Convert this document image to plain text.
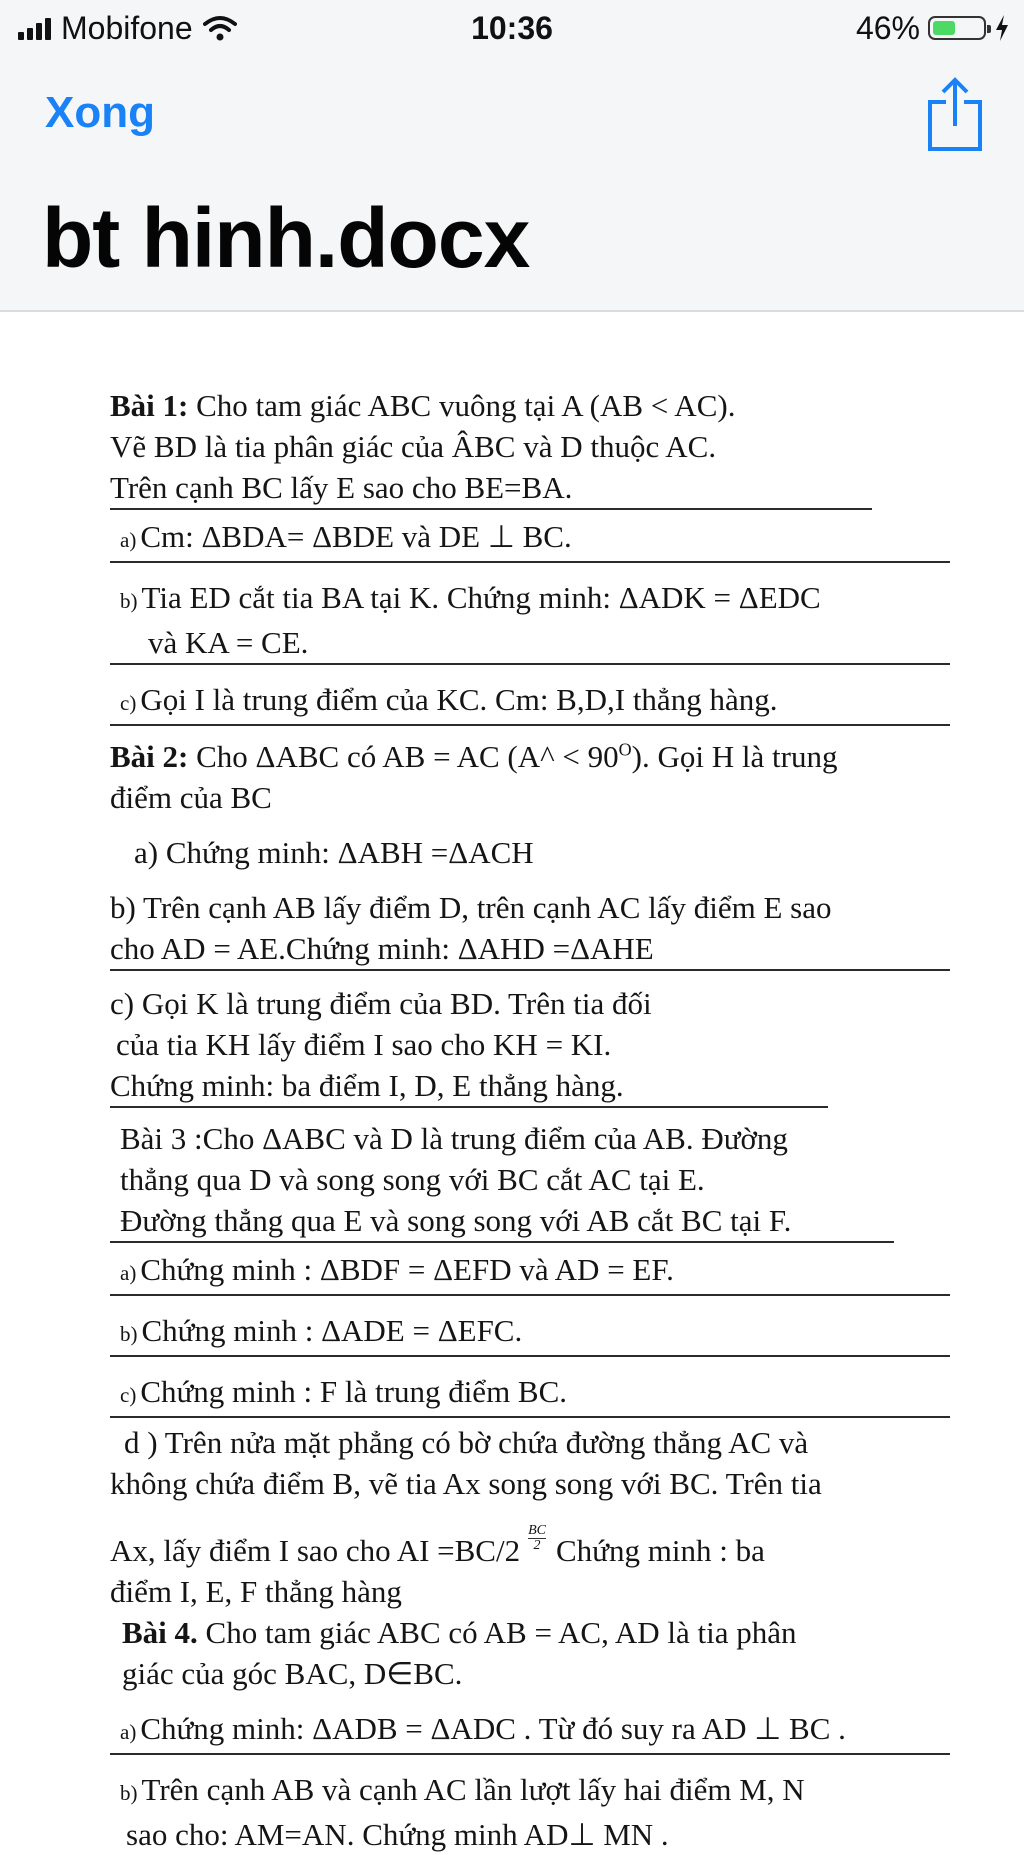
10:36
Mobifone	46%
Xong
bt hinh.docx
Bài 1: Cho tam giác ABC vuông tại A (AB < AC).
Vẽ BD là tia phân giác của ÂBC và D thuộc AC.
Trên cạnh BC lấy E sao cho BE=BA.
a) Cm: ΔBDA= ΔBDE và DE ⊥ BC.
b) Tia ED cắt tia BA tại K. Chứng minh: ΔADK = ΔEDC
và KA = CE.
c) Gọi I là trung điểm của KC. Cm: B,D,I thẳng hàng.
Bài 2: Cho ΔABC có AB = AC (A^ < $90^O$). Gọi H là trung
điểm của BC
a) Chứng minh: ΔABH =ΔACH
b) Trên cạnh AB lấy điểm D, trên cạnh AC lấy điểm E sao
cho AD = AE.Chứng minh: ΔAHD =ΔAHE
c) Gọi K là trung điểm của BD. Trên tia đối
của tia KH lấy điểm I sao cho KH = KI.
Chứng minh: ba điểm I, D, E thẳng hàng.
Bài 3 :Cho ΔABC và D là trung điểm của AB. Đường
thẳng qua D và song song với BC cắt AC tại E.
Đường thẳng qua E và song song với AB cắt BC tại F.
a) Chứng minh : ΔBDF = ΔEFD và AD = EF.
b) Chứng minh : ΔADE = ΔEFC.
c) Chứng minh : F là trung điểm BC.
d ) Trên nửa mặt phẳng có bờ chứa đường thẳng AC và
không chứa điểm B, vẽ tia Ax song song với BC. Trên tia
Ax, lấy điểm I sao cho AI $=BC/2 \frac{BC}{2}$ Chứng minh : ba
điểm I, E, F thẳng hàng
Bài 4. Cho tam giác ABC có AB = AC, AD là tia phân
giác của góc BAC, D∈BC.
a) Chứng minh: ΔADB = ΔADC . Từ đó suy ra AD ⊥ BC .
b) Trên cạnh AB và cạnh AC lần lượt lấy hai điểm M, N
sao cho: AM=AN. Chứng minh AD⊥ MN .
